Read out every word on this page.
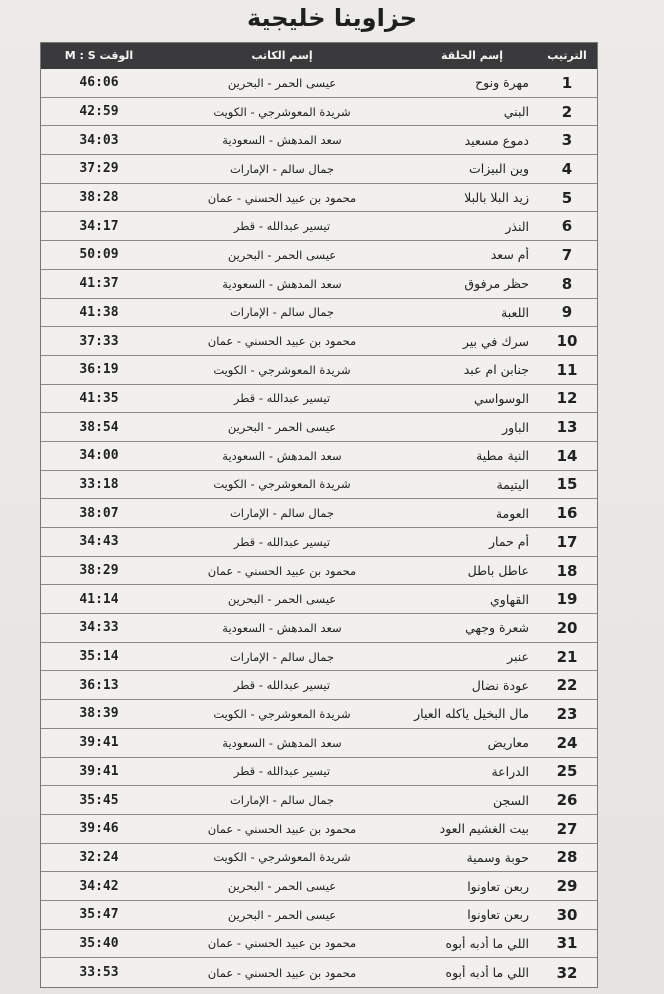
حزاوينا خليجية
الترتيب
إسم الحلقة
إسم الكاتب
M : S الوقت
1
مهرة ونوح
عيسى الحمر - البحرين
46:06
2
البني
شريدة المعوشرجي - الكويت
42:59
3
دموع مسعيد
سعد المدهش - السعودية
34:03
4
وين البيزات
جمال سالم - الإمارات
37:29
5
زيد البلا بالبلا
محمود بن عبيد الحسني - عمان
38:28
6
النذر
تيسير عبدالله - قطر
34:17
7
أم سعد
عيسى الحمر - البحرين
50:09
8
حظر مرفوق
سعد المدهش - السعودية
41:37
9
اللعبة
جمال سالم - الإمارات
41:38
10
سرك في بير
محمود بن عبيد الحسني - عمان
37:33
11
جنابن ام عبد
شريدة المعوشرجي - الكويت
36:19
12
الوسواسي
تيسير عبدالله - قطر
41:35
13
الباور
عيسى الحمر - البحرين
38:54
14
النية مطية
سعد المدهش - السعودية
34:00
15
اليتيمة
شريدة المعوشرجي - الكويت
33:18
16
العومة
جمال سالم - الإمارات
38:07
17
أم حمار
تيسير عبدالله - قطر
34:43
18
عاطل باطل
محمود بن عبيد الحسني - عمان
38:29
19
القهاوي
عيسى الحمر - البحرين
41:14
20
شعرة وجهي
سعد المدهش - السعودية
34:33
21
عنبر
جمال سالم - الإمارات
35:14
22
عودة نضال
تيسير عبدالله - قطر
36:13
23
مال البخيل ياكله العيار
شريدة المعوشرجي - الكويت
38:39
24
معاريض
سعد المدهش - السعودية
39:41
25
الدراعة
تيسير عبدالله - قطر
39:41
26
السجن
جمال سالم - الإمارات
35:45
27
بيت الغشيم العود
محمود بن عبيد الحسني - عمان
39:46
28
حوبة وسمية
شريدة المعوشرجي - الكويت
32:24
29
ربعن تعاونوا
عيسى الحمر - البحرين
34:42
30
ربعن تعاونوا
عيسى الحمر - البحرين
35:47
31
اللي ما أدبه أبوه
محمود بن عبيد الحسني - عمان
35:40
32
اللي ما أدبه أبوه
محمود بن عبيد الحسني - عمان
33:53
